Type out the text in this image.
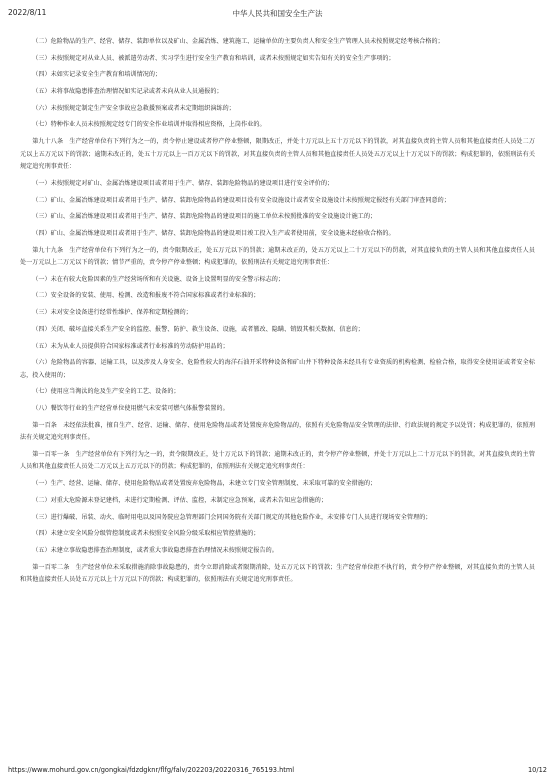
2022/8/11	中华人民共和国安全生产法

（二）危险物品的生产、经营、储存、装卸单位以及矿山、金属冶炼、建筑施工、运输单位的主要负责人和安全生产管理人员未按照规定经考核合格的；

（三）未按照规定对从业人员、被派遣劳动者、实习学生进行安全生产教育和培训，或者未按照规定如实告知有关的安全生产事项的；

（四）未如实记录安全生产教育和培训情况的；

（五）未将事故隐患排查治理情况如实记录或者未向从业人员通报的；

（六）未按照规定制定生产安全事故应急救援预案或者未定期组织演练的；

（七）特种作业人员未按照规定经专门的安全作业培训并取得相应资格，上岗作业的。

第九十八条　生产经营单位有下列行为之一的，责令停止建设或者停产停业整顿，限期改正，并处十万元以上五十万元以下的罚款，对其直接负责的主管人员和其他直接责任人员处二万元以上五万元以下的罚款；逾期未改正的，处五十万元以上一百万元以下的罚款，对其直接负责的主管人员和其他直接责任人员处五万元以上十万元以下的罚款；构成犯罪的，依照刑法有关规定追究刑事责任：

（一）未按照规定对矿山、金属冶炼建设项目或者用于生产、储存、装卸危险物品的建设项目进行安全评价的；

（二）矿山、金属冶炼建设项目或者用于生产、储存、装卸危险物品的建设项目没有安全设施设计或者安全设施设计未按照规定报经有关部门审查同意的；

（三）矿山、金属冶炼建设项目或者用于生产、储存、装卸危险物品的建设项目的施工单位未按照批准的安全设施设计施工的；

（四）矿山、金属冶炼建设项目或者用于生产、储存、装卸危险物品的建设项目竣工投入生产或者使用前，安全设施未经验收合格的。

第九十九条　生产经营单位有下列行为之一的，责令限期改正，处五万元以下的罚款；逾期未改正的，处五万元以上二十万元以下的罚款，对其直接负责的主管人员和其他直接责任人员处一万元以上二万元以下的罚款；情节严重的，责令停产停业整顿；构成犯罪的，依照刑法有关规定追究刑事责任：

（一）未在有较大危险因素的生产经营场所和有关设施、设备上设置明显的安全警示标志的；

（二）安全设备的安装、使用、检测、改造和报废不符合国家标准或者行业标准的；

（三）未对安全设备进行经常性维护、保养和定期检测的；

（四）关闭、破坏直接关系生产安全的监控、报警、防护、救生设备、设施，或者篡改、隐瞒、销毁其相关数据、信息的；

（五）未为从业人员提供符合国家标准或者行业标准的劳动防护用品的；

（六）危险物品的容器、运输工具，以及涉及人身安全、危险性较大的海洋石油开采特种设备和矿山井下特种设备未经具有专业资质的机构检测、检验合格，取得安全使用证或者安全标志，投入使用的；

（七）使用应当淘汰的危及生产安全的工艺、设备的；

（八）餐饮等行业的生产经营单位使用燃气未安装可燃气体报警装置的。

第一百条　未经依法批准，擅自生产、经营、运输、储存、使用危险物品或者处置废弃危险物品的，依照有关危险物品安全管理的法律、行政法规的规定予以处罚；构成犯罪的，依照刑法有关规定追究刑事责任。

第一百零一条　生产经营单位有下列行为之一的，责令限期改正，处十万元以下的罚款；逾期未改正的，责令停产停业整顿，并处十万元以上二十万元以下的罚款，对其直接负责的主管人员和其他直接责任人员处二万元以上五万元以下的罚款；构成犯罪的，依照刑法有关规定追究刑事责任：

（一）生产、经营、运输、储存、使用危险物品或者处置废弃危险物品，未建立专门安全管理制度、未采取可靠的安全措施的；

（二）对重大危险源未登记建档，未进行定期检测、评估、监控，未制定应急预案，或者未告知应急措施的；

（三）进行爆破、吊装、动火、临时用电以及国务院应急管理部门会同国务院有关部门规定的其他危险作业，未安排专门人员进行现场安全管理的；

（四）未建立安全风险分级管控制度或者未按照安全风险分级采取相应管控措施的；

（五）未建立事故隐患排查治理制度，或者重大事故隐患排查治理情况未按照规定报告的。

第一百零二条　生产经营单位未采取措施消除事故隐患的，责令立即消除或者限期消除，处五万元以下的罚款；生产经营单位拒不执行的，责令停产停业整顿，对其直接负责的主管人员和其他直接责任人员处五万元以上十万元以下的罚款；构成犯罪的，依照刑法有关规定追究刑事责任。

https://www.mohurd.gov.cn/gongkai/fdzdgknr/flfg/falv/202203/20220316_765193.html	10/12
